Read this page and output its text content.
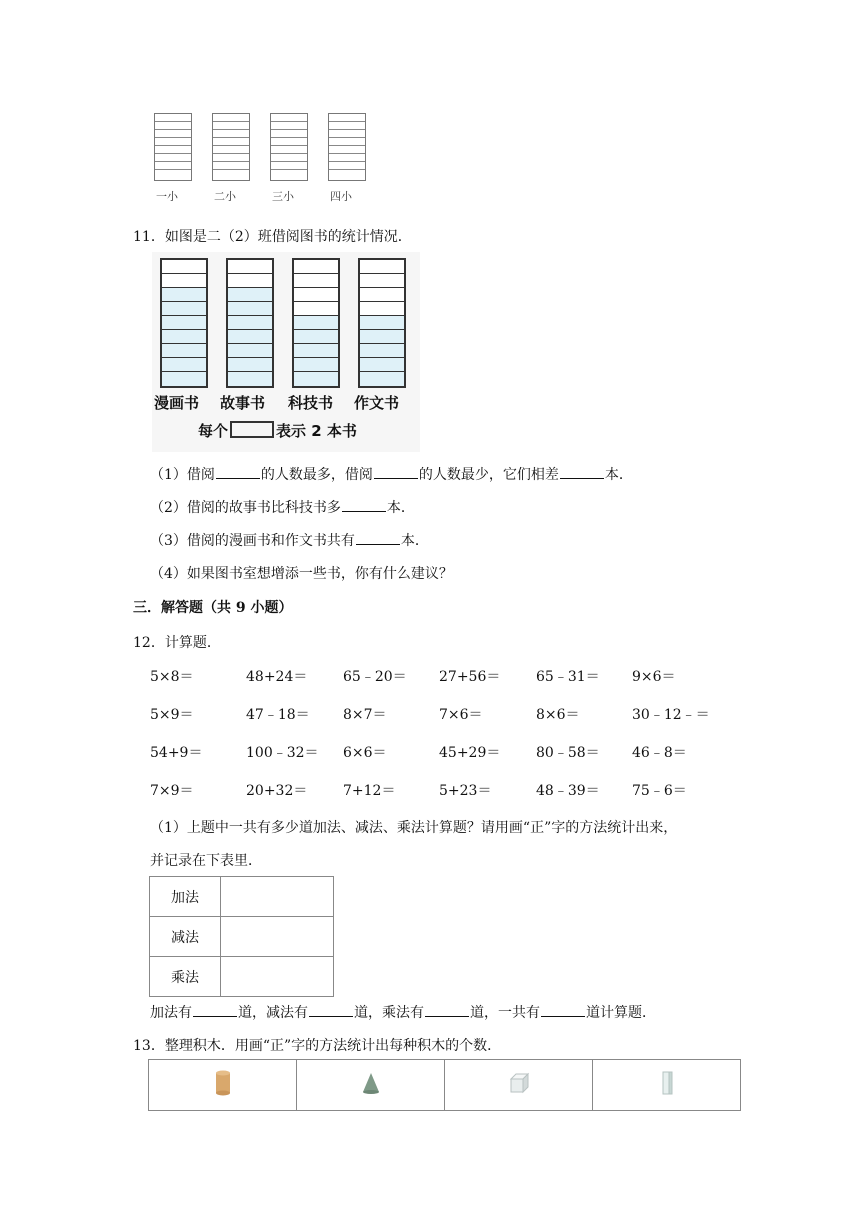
一小	二小	三小	四小
11．如图是二（2）班借阅图书的统计情况．
漫画书 故事书 科技书 作文书
每个	表示 2 本书
（1）借阅	的人数最多，借阅	的人数最少，它们相差	本．
（2）借阅的故事书比科技书多	本．
（3）借阅的漫画书和作文书共有	本．
（4）如果图书室想增添一些书，你有什么建议？
三．解答题（共 9 小题）
12．计算题．
5×8＝	48+24＝	65﹣20＝ 27+56＝	65﹣31＝ 9×6＝
5×9＝	47﹣18＝ 8×7＝	7×6＝	8×6＝	30﹣12﹣＝
54+9＝	100﹣32＝ 6×6＝	45+29＝	80﹣58＝ 46﹣8＝
7×9＝	20+32＝	7+12＝	5+23＝	48﹣39＝ 75﹣6＝
（1）上题中一共有多少道加法、减法、乘法计算题？请用画“正”字的方法统计出来，
并记录在下表里．
加法	
减法	
乘法	
加法有	道，减法有	道，乘法有	道，一共有	道计算题．
13．整理积木．用画“正”字的方法统计出每种积木的个数．
